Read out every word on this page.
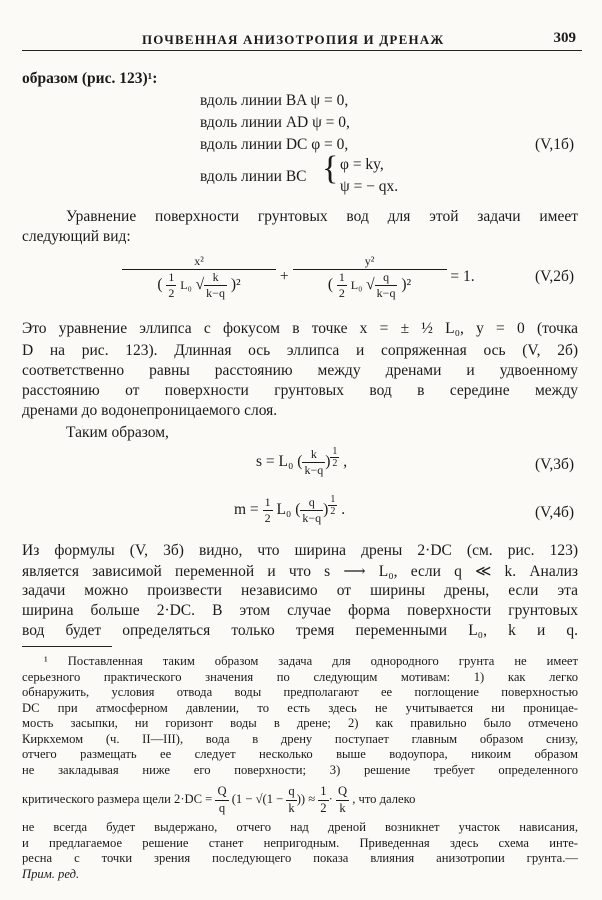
ПОЧВЕННАЯ АНИЗОТРОПИЯ И ДРЕНАЖ	309
образом (рис. 123)¹:
вдоль линии BA ψ = 0,
вдоль линии AD ψ = 0,
вдоль линии DC φ = 0,
вдоль линии BC { φ = ky,
ψ = − qx.
(V,1б)
Уравнение поверхности грунтовых вод для этой задачи имеет
следующий вид:
$\frac{\text{x²}}{( \frac{1}{2} L_0 √ \frac{k}{k-q} )^2} + \frac{\text{y²}}{( \frac{1}{2} L_0 √ \frac{q}{k-q} )^2} = 1$.	(V,2б)
Это уравнение эллипса с фокусом в точке x = ± ½ L₀, y = 0 (точка
D на рис. 123). Длинная ось эллипса и сопряженная ось (V, 2б)
соответственно равны расстоянию между дренами и удвоенному
расстоянию от поверхности грунтовых вод в середине между
дренами до водонепроницаемого слоя.
Таким образом,
s = L₀ ( $\frac{k}{k-q}$ ) $^{\frac{1}{2}}$ ,	(V,3б)
$m = \frac{1}{2} L_0$ ( $\frac{q}{k-q}$ ) $^{\frac{1}{2}}$ .	(V,4б)
Из формулы (V, 3б) видно, что ширина дрены 2·DC (см. рис. 123)
является зависимой переменной и что s ⟶ L₀, если q ≪ k. Анализ
задачи можно произвести независимо от ширины дрены, если эта
ширина больше 2·DC. В этом случае форма поверхности грунтовых
вод будет определяться только тремя переменными L₀, k и q.
¹ Поставленная таким образом задача для однородного грунта не имеет
серьезного практического значения по следующим мотивам: 1) как легко
обнаружить, условия отвода воды предполагают ее поглощение поверхностью
DC при атмосферном давлении, то есть здесь не учитывается ни проницае-
мость засыпки, ни горизонт воды в дрене; 2) как правильно было отмечено
Киркхемом (ч. II—III), вода в дрену поступает главным образом снизу,
отчего размещать ее следует несколько выше водоупора, никоим образом
не закладывая ниже его поверхности; 3) решение требует определенного
критического размера щели $2\cdot DC = \frac{Q}{q} (1 - √(1 - \frac{q}{k}$ )) ≈ $\frac{1}{2} \cdot \frac{Q}{k}$ , что далеко
не всегда будет выдержано, отчего над дреной возникнет участок нависания,
и предлагаемое решение станет непригодным. Приведенная здесь схема инте-
ресна с точки зрения последующего показа влияния анизотропии грунта.—
Прим. ред.
